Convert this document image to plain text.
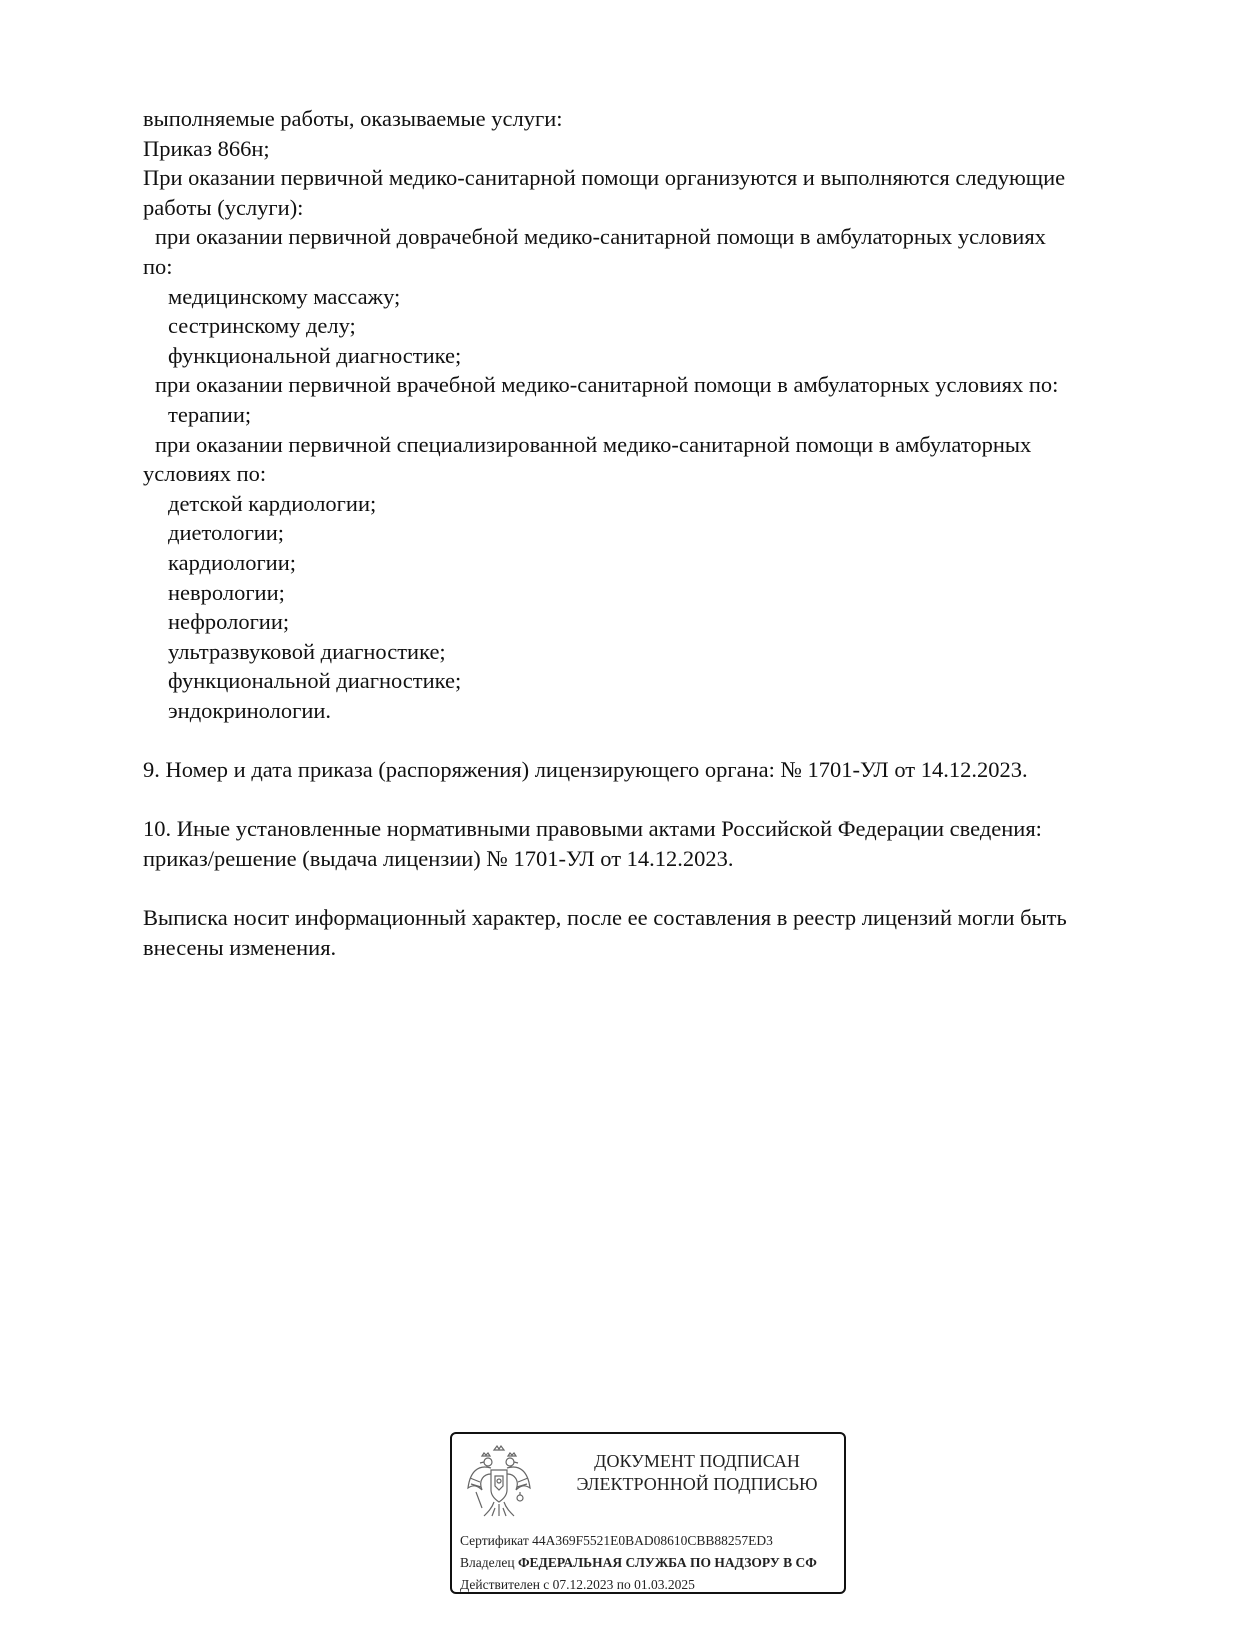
выполняемые работы, оказываемые услуги:
Приказ 866н;
При оказании первичной медико-санитарной помощи организуются и выполняются следующие
работы (услуги):
при оказании первичной доврачебной медико-санитарной помощи в амбулаторных условиях
по:
медицинскому массажу;
сестринскому делу;
функциональной диагностике;
при оказании первичной врачебной медико-санитарной помощи в амбулаторных условиях по:
терапии;
при оказании первичной специализированной медико-санитарной помощи в амбулаторных
условиях по:
детской кардиологии;
диетологии;
кардиологии;
неврологии;
нефрологии;
ультразвуковой диагностике;
функциональной диагностике;
эндокринологии.
9. Номер и дата приказа (распоряжения) лицензирующего органа: № 1701-УЛ от 14.12.2023.
10. Иные установленные нормативными правовыми актами Российской Федерации сведения:
приказ/решение (выдача лицензии) № 1701-УЛ от 14.12.2023.
Выписка носит информационный характер, после ее составления в реестр лицензий могли быть
внесены изменения.
ДОКУМЕНТ ПОДПИСАН
ЭЛЕКТРОННОЙ ПОДПИСЬЮ
Сертификат 44A369F5521E0BAD08610CBB88257ED3
Владелец ФЕДЕРАЛЬНАЯ СЛУЖБА ПО НАДЗОРУ В СФ
Действителен с 07.12.2023 по 01.03.2025
